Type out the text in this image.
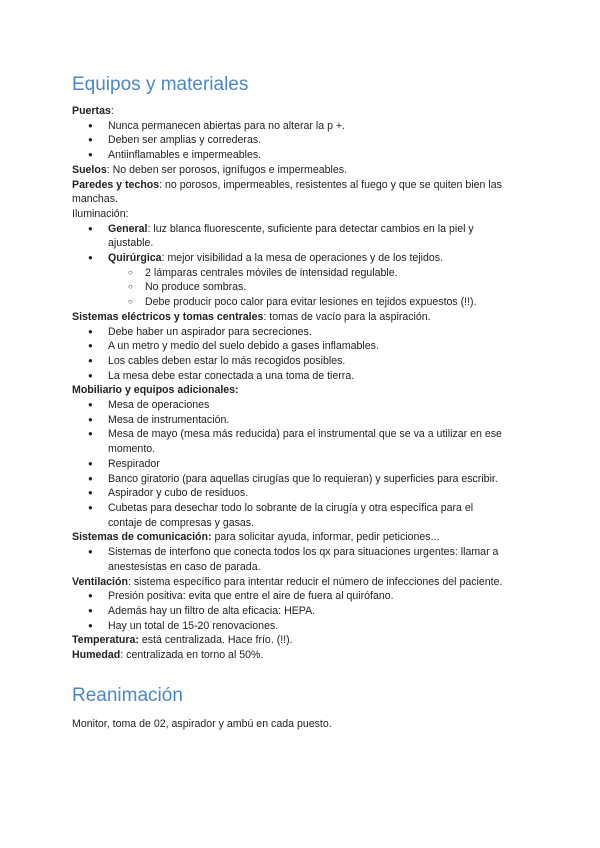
Equipos y materiales

Puertas:

● Nunca permanecen abiertas para no alterar la p +.
● Deben ser amplias y correderas.
● Antiinflamables e impermeables.

Suelos: No deben ser porosos, ignífugos e impermeables.

Paredes y techos: no porosos, impermeables, resistentes al fuego y que se quiten bien las

manchas.

Iluminación:

● General: luz blanca fluorescente, suficiente para detectar cambios en la piel y

ajustable.

● Quirúrgica: mejor visibilidad a la mesa de operaciones y de los tejidos.
○ 2 lámparas centrales móviles de intensidad regulable.
○ No produce sombras.
○ Debe producir poco calor para evitar lesiones en tejidos expuestos (!!).

Sistemas eléctricos y tomas centrales: tomas de vacío para la aspiración.

● Debe haber un aspirador para secreciones.
● A un metro y medio del suelo debido a gases inflamables.
● Los cables deben estar lo más recogidos posibles.
● La mesa debe estar conectada a una toma de tierra.

Mobiliario y equipos adicionales:

● Mesa de operaciones
● Mesa de instrumentación.
● Mesa de mayo (mesa más reducida) para el instrumental que se va a utilizar en ese

momento.

● Respirador
● Banco giratorio (para aquellas cirugías que lo requieran) y superficies para escribir.
● Aspirador y cubo de residuos.
● Cubetas para desechar todo lo sobrante de la cirugía y otra específica para el

contaje de compresas y gasas.

Sistemas de comunicación: para solicitar ayuda, informar, pedir peticiones...

● Sistemas de interfono que conecta todos los qx para situaciones urgentes: llamar a

anestesistas en caso de parada.

Ventilación: sistema específico para intentar reducir el número de infecciones del paciente.

● Presión positiva: evita que entre el aire de fuera al quirófano.
● Además hay un filtro de alta eficacia: HEPA.
● Hay un total de 15-20 renovaciones.

Temperatura: está centralizada. Hace frío. (!!).

Humedad: centralizada en torno al 50%.

Reanimación

Monitor, toma de 02, aspirador y ambú en cada puesto.
